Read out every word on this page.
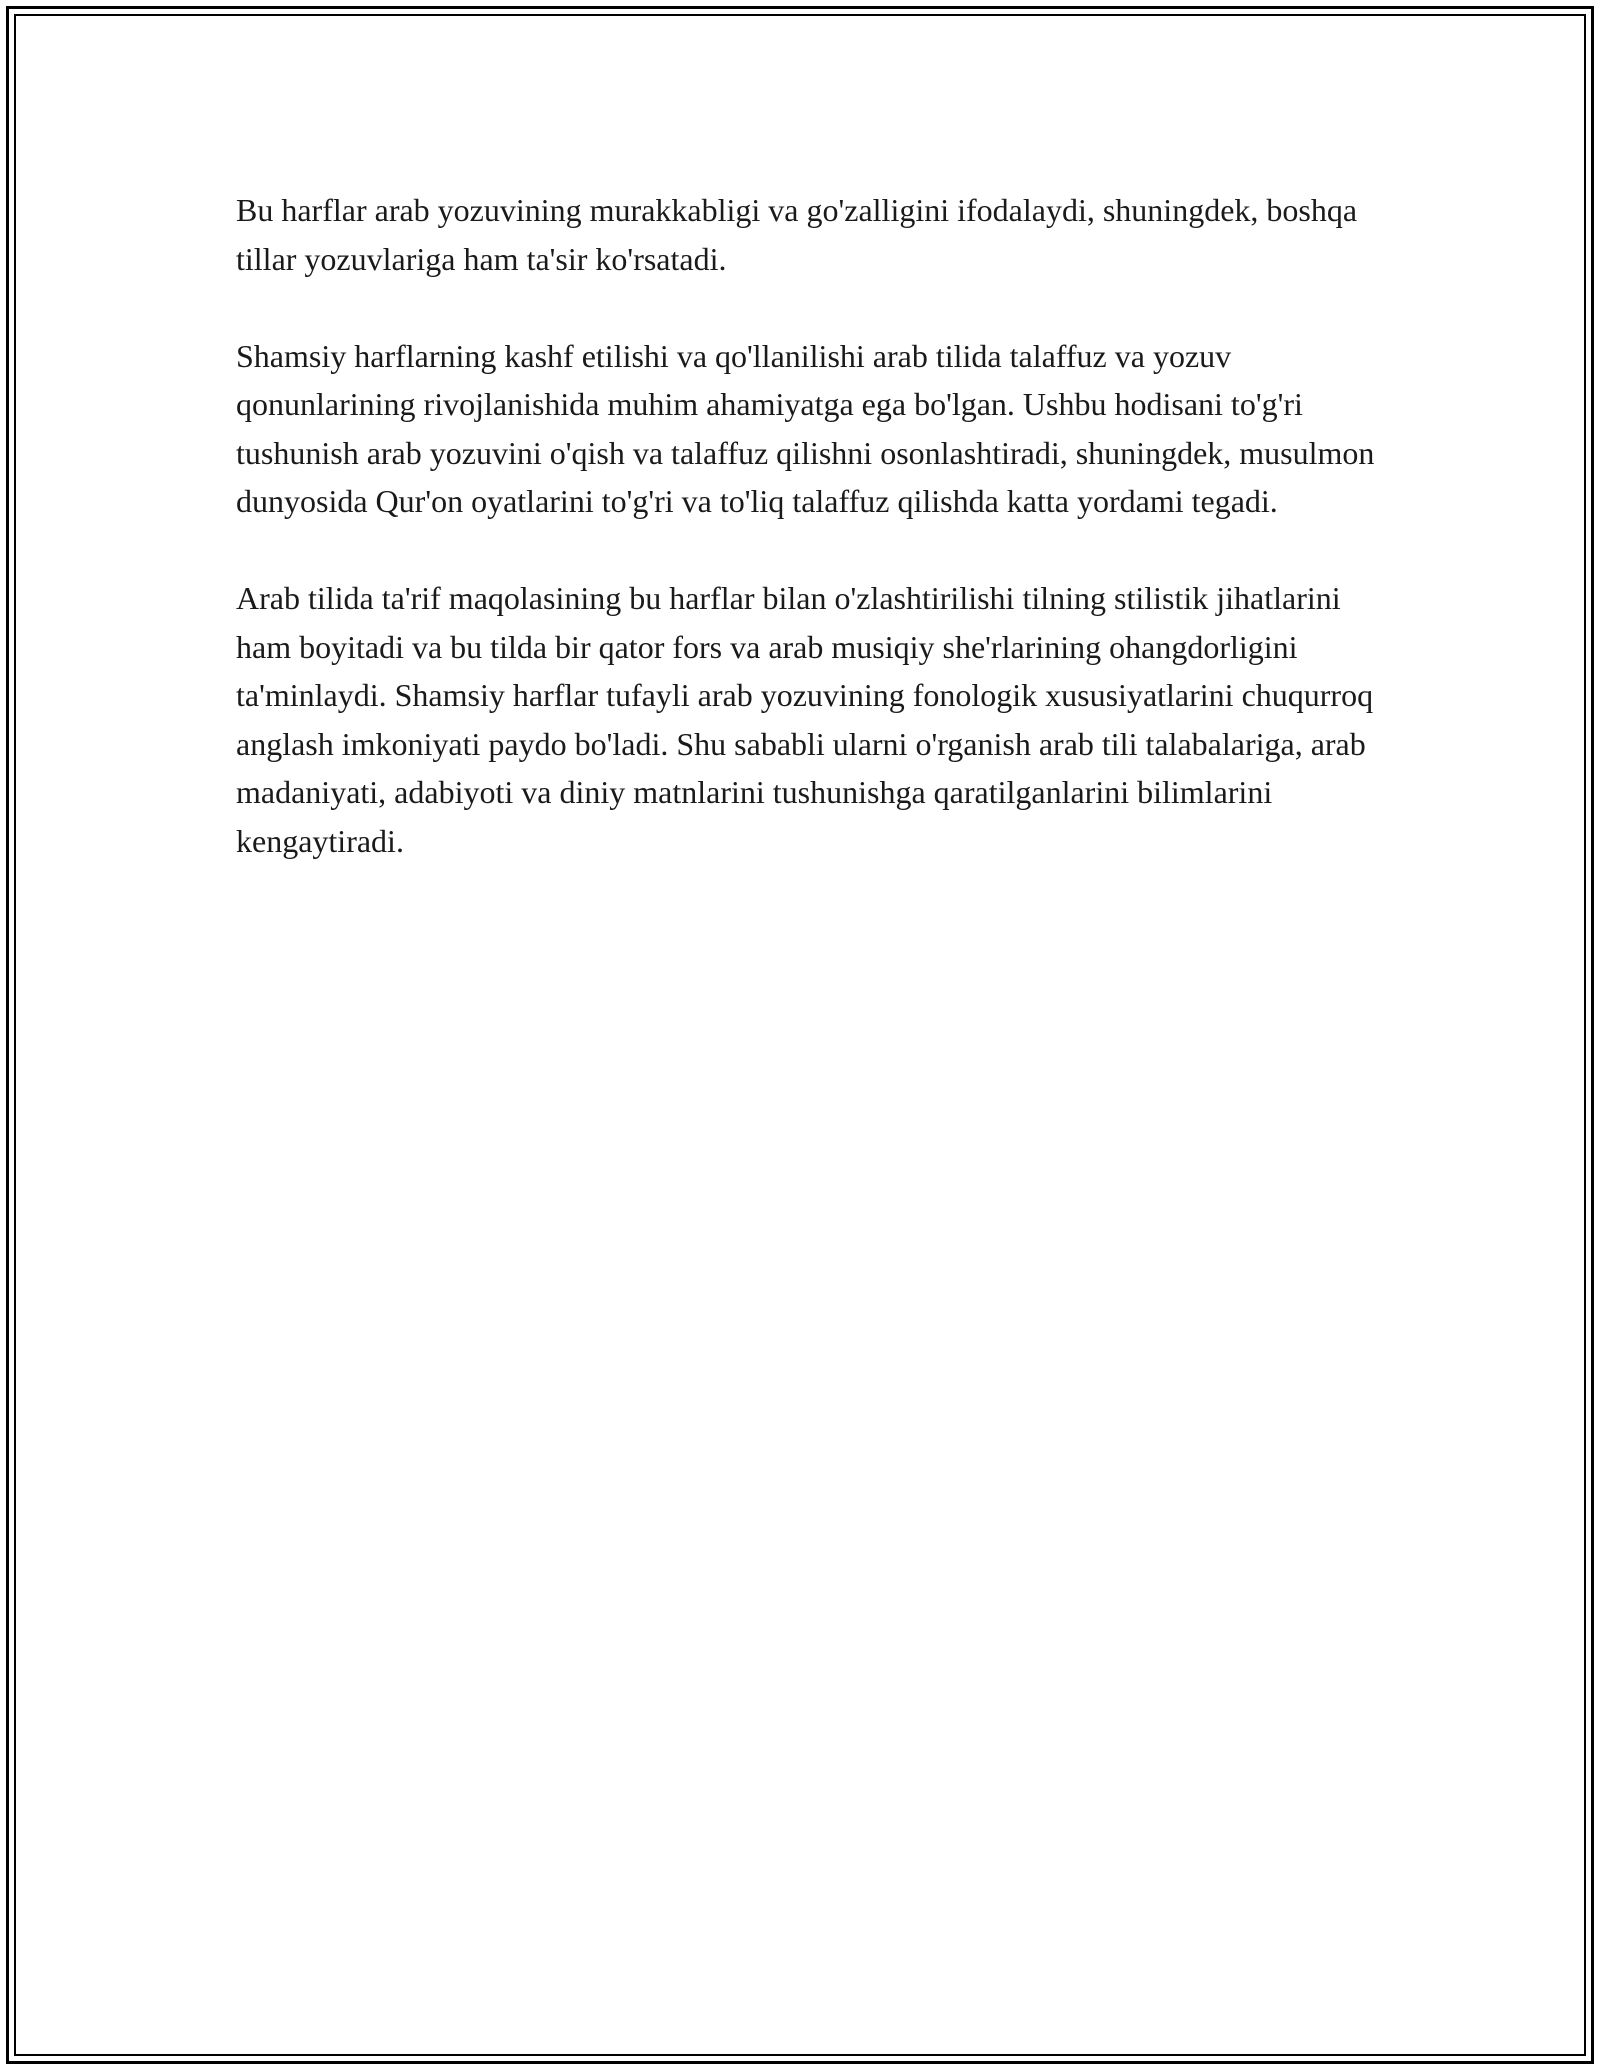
Bu harflar arab yozuvining murakkabligi va go'zalligini ifodalaydi, shuningdek, boshqa tillar yozuvlariga ham ta'sir ko'rsatadi.

Shamsiy harflarning kashf etilishi va qo'llanilishi arab tilida talaffuz va yozuv qonunlarining rivojlanishida muhim ahamiyatga ega bo'lgan. Ushbu hodisani to'g'ri tushunish arab yozuvini o'qish va talaffuz qilishni osonlashtiradi, shuningdek, musulmon dunyosida Qur'on oyatlarini to'g'ri va to'liq talaffuz qilishda katta yordami tegadi.

Arab tilida ta'rif maqolasining bu harflar bilan o'zlashtirilishi tilning stilistik jihatlarini ham boyitadi va bu tilda bir qator fors va arab musiqiy she'rlarining ohangdorligini ta'minlaydi. Shamsiy harflar tufayli arab yozuvining fonologik xususiyatlarini chuqurroq anglash imkoniyati paydo bo'ladi. Shu sababli ularni o'rganish arab tili talabalariga, arab madaniyati, adabiyoti va diniy matnlarini tushunishga qaratilganlarini bilimlarini kengaytiradi.
